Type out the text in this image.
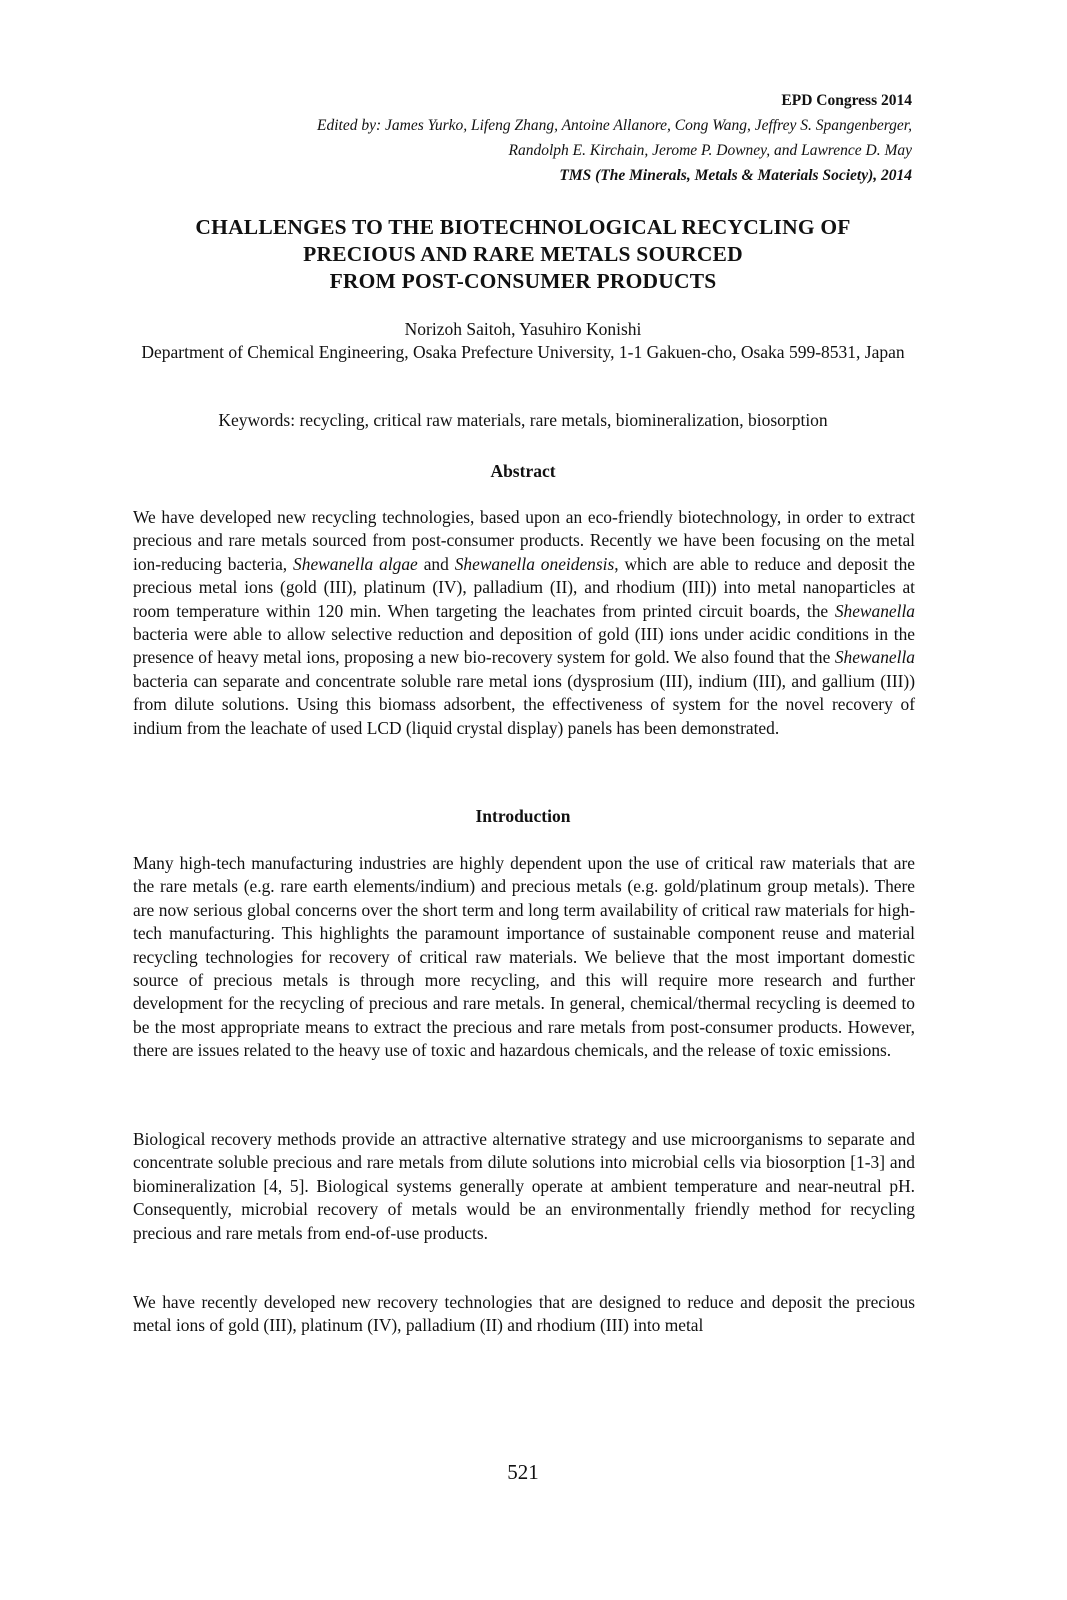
EPD Congress 2014
Edited by: James Yurko, Lifeng Zhang, Antoine Allanore, Cong Wang, Jeffrey S. Spangenberger,
Randolph E. Kirchain, Jerome P. Downey, and Lawrence D. May
TMS (The Minerals, Metals & Materials Society), 2014
CHALLENGES TO THE BIOTECHNOLOGICAL RECYCLING OF
PRECIOUS AND RARE METALS SOURCED
FROM POST-CONSUMER PRODUCTS
Norizoh Saitoh, Yasuhiro Konishi
Department of Chemical Engineering, Osaka Prefecture University, 1-1 Gakuen-cho, Osaka 599-8531, Japan
Keywords: recycling, critical raw materials, rare metals, biomineralization, biosorption
Abstract
We have developed new recycling technologies, based upon an eco-friendly biotechnology, in order to extract precious and rare metals sourced from post-consumer products. Recently we have been focusing on the metal ion-reducing bacteria, Shewanella algae and Shewanella oneidensis, which are able to reduce and deposit the precious metal ions (gold (III), platinum (IV), palladium (II), and rhodium (III)) into metal nanoparticles at room temperature within 120 min. When targeting the leachates from printed circuit boards, the Shewanella bacteria were able to allow selective reduction and deposition of gold (III) ions under acidic conditions in the presence of heavy metal ions, proposing a new bio-recovery system for gold. We also found that the Shewanella bacteria can separate and concentrate soluble rare metal ions (dysprosium (III), indium (III), and gallium (III)) from dilute solutions. Using this biomass adsorbent, the effectiveness of system for the novel recovery of indium from the leachate of used LCD (liquid crystal display) panels has been demonstrated.
Introduction
Many high-tech manufacturing industries are highly dependent upon the use of critical raw materials that are the rare metals (e.g. rare earth elements/indium) and precious metals (e.g. gold/platinum group metals). There are now serious global concerns over the short term and long term availability of critical raw materials for high-tech manufacturing. This highlights the paramount importance of sustainable component reuse and material recycling technologies for recovery of critical raw materials. We believe that the most important domestic source of precious metals is through more recycling, and this will require more research and further development for the recycling of precious and rare metals. In general, chemical/thermal recycling is deemed to be the most appropriate means to extract the precious and rare metals from post-consumer products. However, there are issues related to the heavy use of toxic and hazardous chemicals, and the release of toxic emissions.
Biological recovery methods provide an attractive alternative strategy and use microorganisms to separate and concentrate soluble precious and rare metals from dilute solutions into microbial cells via biosorption [1-3] and biomineralization [4, 5]. Biological systems generally operate at ambient temperature and near-neutral pH. Consequently, microbial recovery of metals would be an environmentally friendly method for recycling precious and rare metals from end-of-use products.
We have recently developed new recovery technologies that are designed to reduce and deposit the precious metal ions of gold (III), platinum (IV), palladium (II) and rhodium (III) into metal
521
